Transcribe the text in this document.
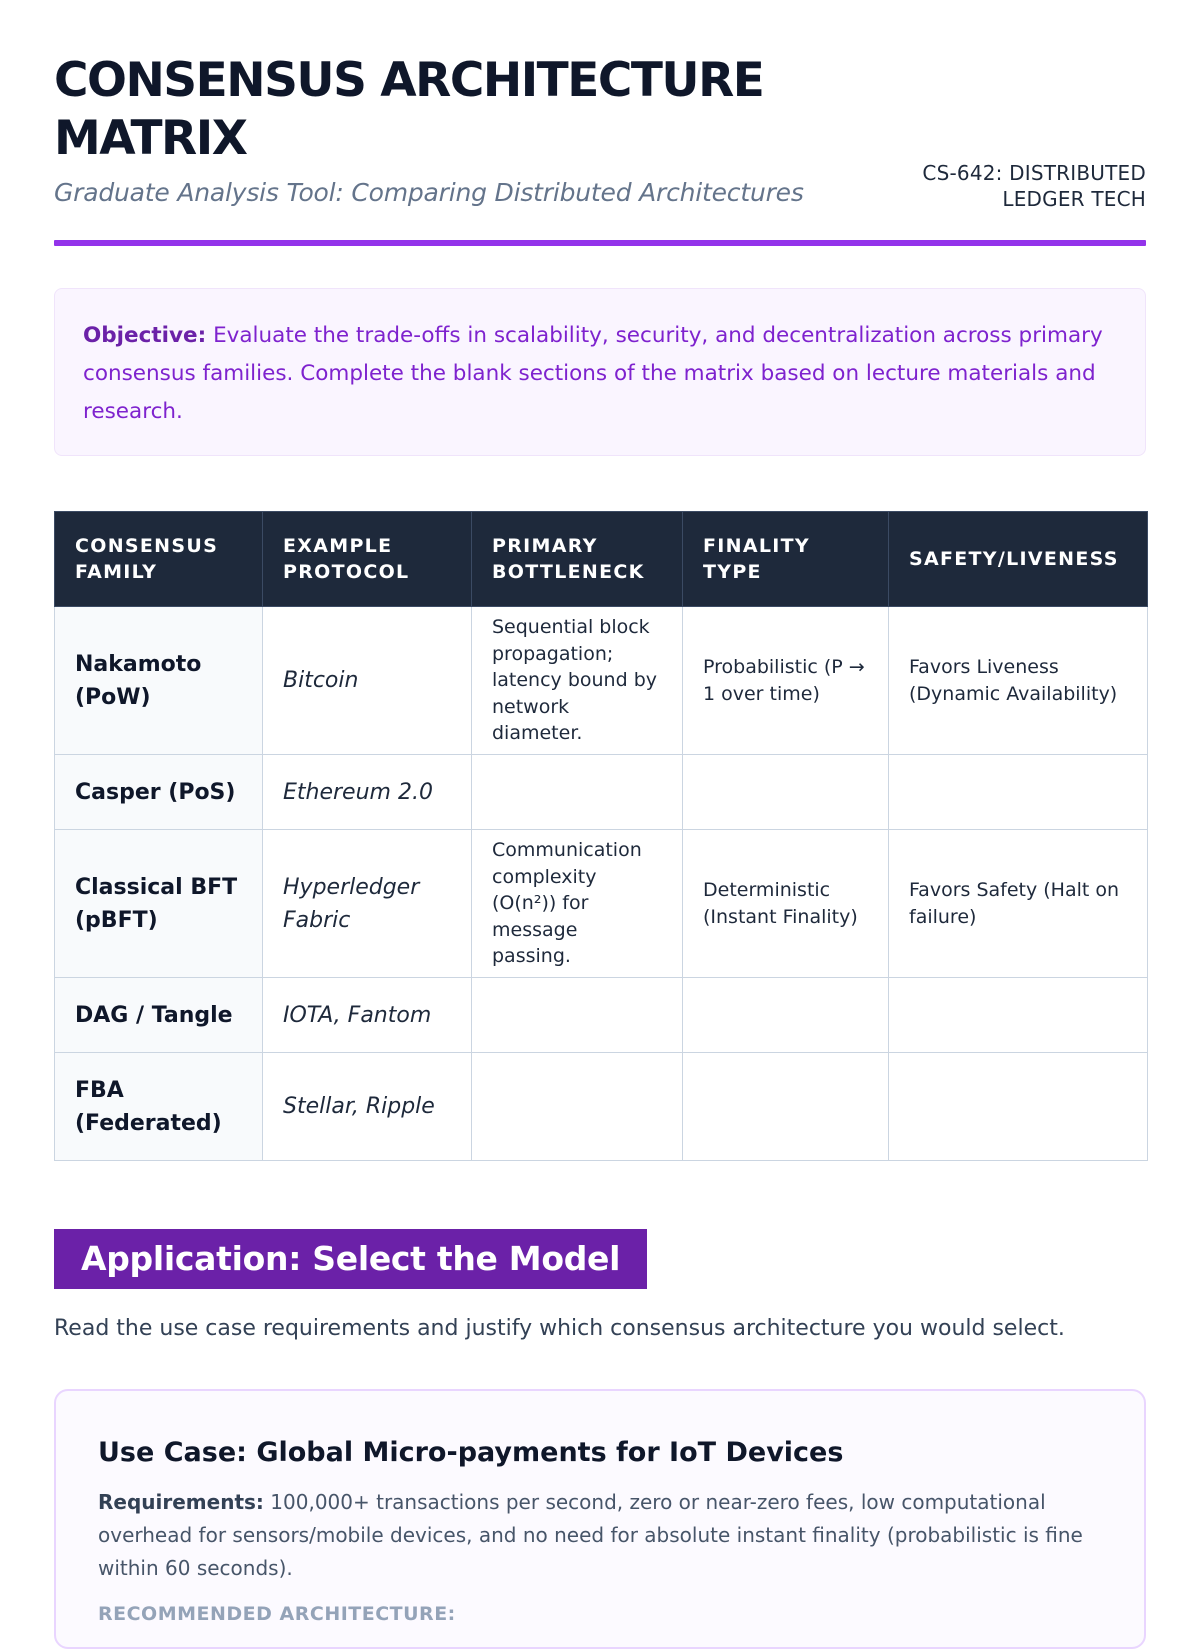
CONSENSUS ARCHITECTURE MATRIX
Graduate Analysis Tool: Comparing Distributed Architectures
CS-642: DISTRIBUTED LEDGER TECH
Objective: Evaluate the trade-offs in scalability, security, and decentralization across primary consensus families. Complete the blank sections of the matrix based on lecture materials and research.
CONSENSUS FAMILY	EXAMPLE PROTOCOL	PRIMARY BOTTLENECK	FINALITY TYPE	SAFETY/LIVENESS
Nakamoto (PoW)	Bitcoin	Sequential block propagation; latency bound by network diameter.	Probabilistic (P → 1 over time)	Favors Liveness (Dynamic Availability)
Casper (PoS)	Ethereum 2.0			
Classical BFT (pBFT)	Hyperledger Fabric	Communication complexity (O(n²)) for message passing.	Deterministic (Instant Finality)	Favors Safety (Halt on failure)
DAG / Tangle	IOTA, Fantom			
FBA (Federated)	Stellar, Ripple			
Application: Select the Model
Read the use case requirements and justify which consensus architecture you would select.
Use Case: Global Micro-payments for IoT Devices
Requirements: 100,000+ transactions per second, zero or near-zero fees, low computational overhead for sensors/mobile devices, and no need for absolute instant finality (probabilistic is fine within 60 seconds).
RECOMMENDED ARCHITECTURE:
